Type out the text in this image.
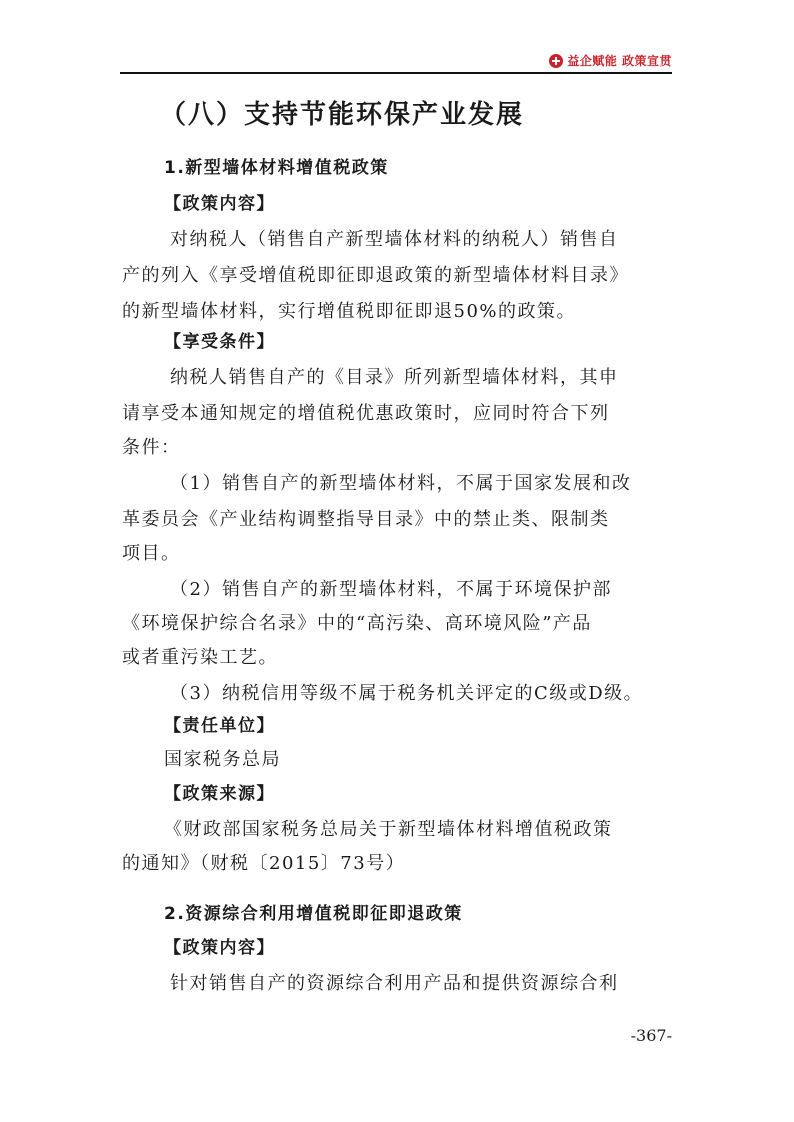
益企赋能 政策宣贯
（八）支持节能环保产业发展
1.新型墙体材料增值税政策
【政策内容】
对纳税人（销售自产新型墙体材料的纳税人）销售自
产的列入《享受增值税即征即退政策的新型墙体材料目录》
的新型墙体材料，实行增值税即征即退50%的政策。
【享受条件】
纳税人销售自产的《目录》所列新型墙体材料，其申
请享受本通知规定的增值税优惠政策时，应同时符合下列
条件：
（1）销售自产的新型墙体材料，不属于国家发展和改
革委员会《产业结构调整指导目录》中的禁止类、限制类
项目。
（2）销售自产的新型墙体材料，不属于环境保护部
《环境保护综合名录》中的“高污染、高环境风险”产品
或者重污染工艺。
（3）纳税信用等级不属于税务机关评定的C级或D级。
【责任单位】
国家税务总局
【政策来源】
《财政部国家税务总局关于新型墙体材料增值税政策
的通知》（财税〔2015〕73号）
2.资源综合利用增值税即征即退政策
【政策内容】
针对销售自产的资源综合利用产品和提供资源综合利
-367-
